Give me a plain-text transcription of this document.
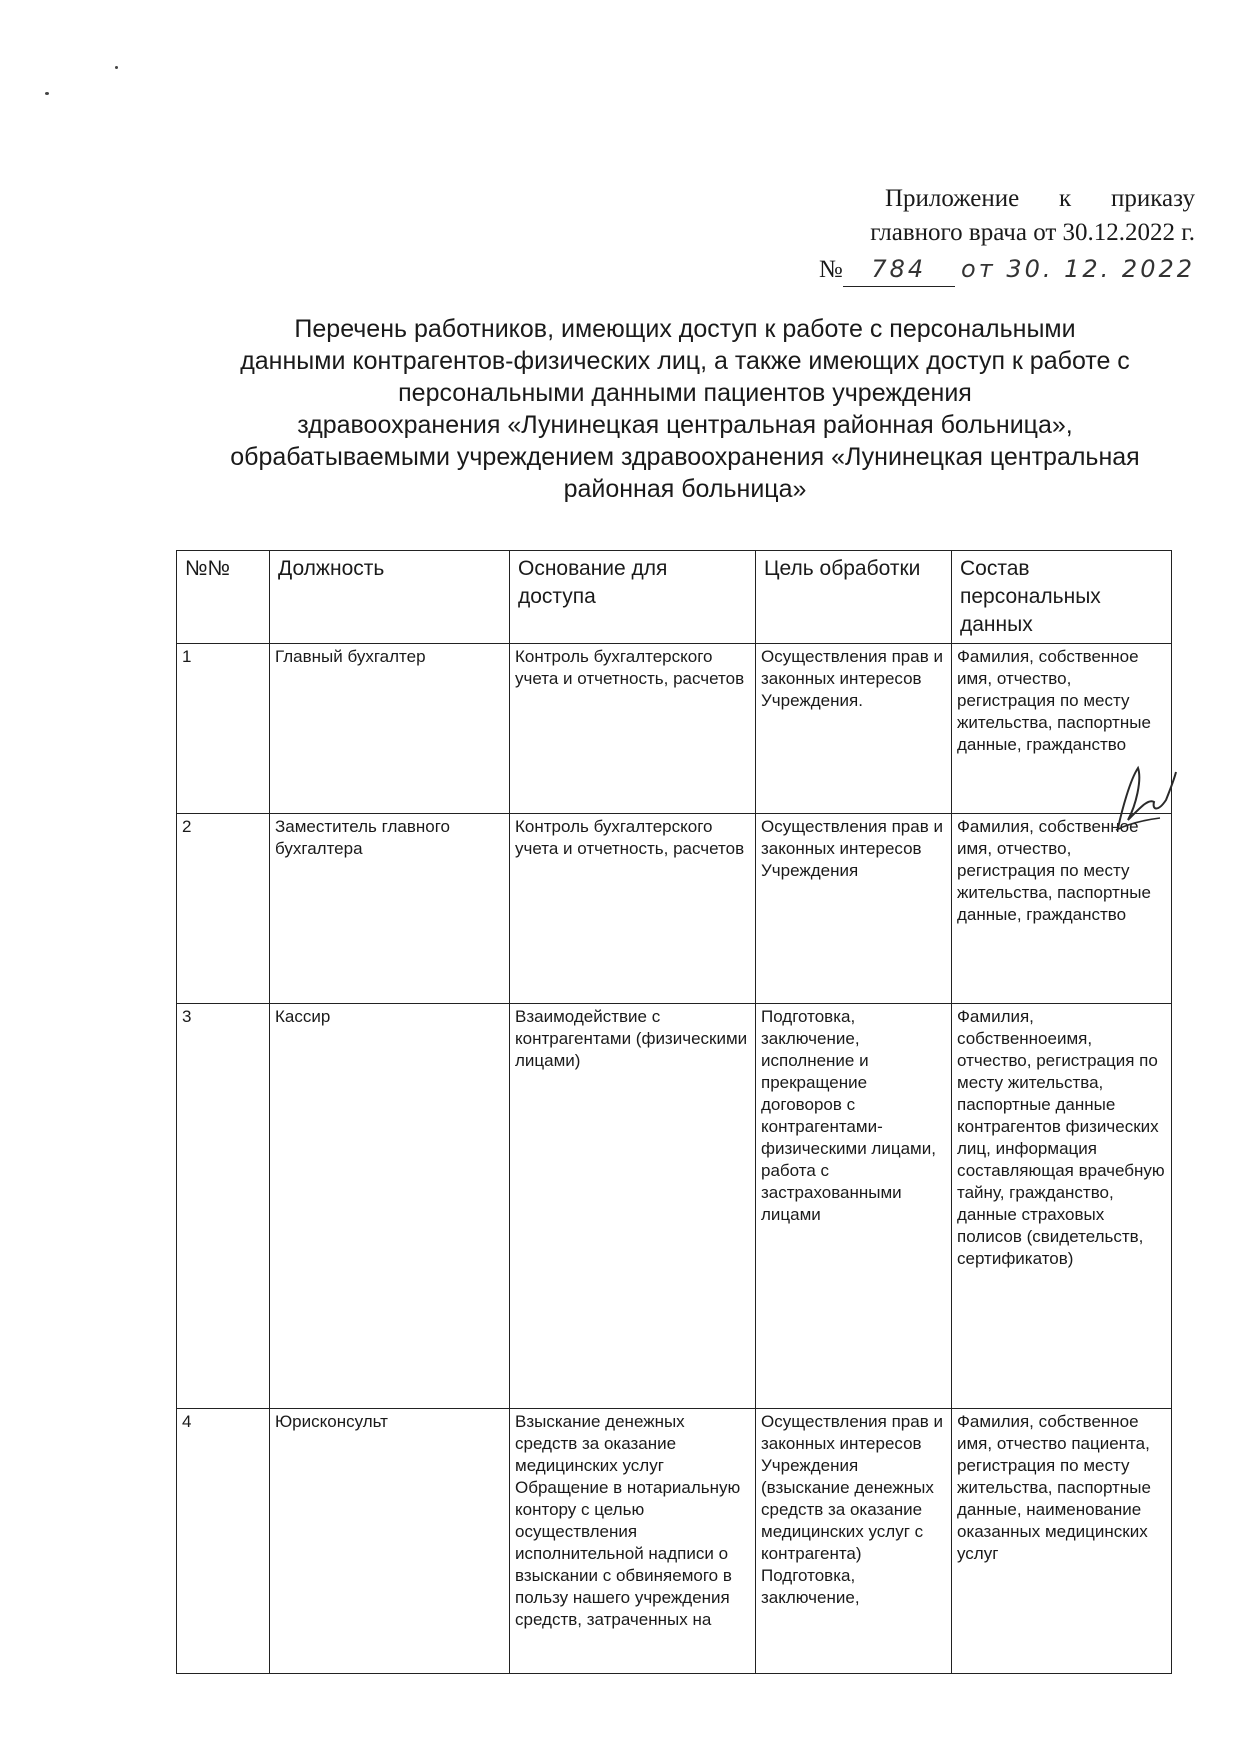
Приложение к приказу
главного врача от 30.12.2022 г.
№ 784 от 30. 12. 2022
Перечень работников, имеющих доступ к работе с персональными
данными контрагентов-физических лиц, а также имеющих доступ к работе с
персональными данными пациентов учреждения
здравоохранения «Лунинецкая центральная районная больница»,
обрабатываемыми учреждением здравоохранения «Лунинецкая центральная
районная больница»
№№	Должность	Основание для доступа	Цель обработки	Состав персональных данных
1	Главный бухгалтер	Контроль бухгалтерского учета и отчетность, расчетов	Осуществления прав и законных интересов Учреждения.	Фамилия, собственное имя, отчество, регистрация по месту жительства, паспортные данные, гражданство
2	Заместитель главного бухгалтера	Контроль бухгалтерского учета и отчетность, расчетов	Осуществления прав и законных интересов Учреждения	Фамилия, собственное имя, отчество, регистрация по месту жительства, паспортные данные, гражданство
3	Кассир	Взаимодействие с контрагентами (физическими лицами)	Подготовка, заключение, исполнение и прекращение договоров с контрагентами-физическими лицами, работа с застрахованными лицами	Фамилия, собственноеимя, отчество, регистрация по месту жительства, паспортные данные контрагентов физических лиц, информация составляющая врачебную тайну, гражданство, данные страховых полисов (свидетельств, сертификатов)
4	Юрисконсульт	Взыскание денежных средств за оказание медицинских услуг Обращение в нотариальную контору с целью осуществления исполнительной надписи о взыскании с обвиняемого в пользу нашего учреждения средств, затраченных на	Осуществления прав и законных интересов Учреждения (взыскание денежных средств за оказание медицинских услуг с контрагента) Подготовка, заключение,	Фамилия, собственное имя, отчество пациента, регистрация по месту жительства, паспортные данные, наименование оказанных медицинских услуг
